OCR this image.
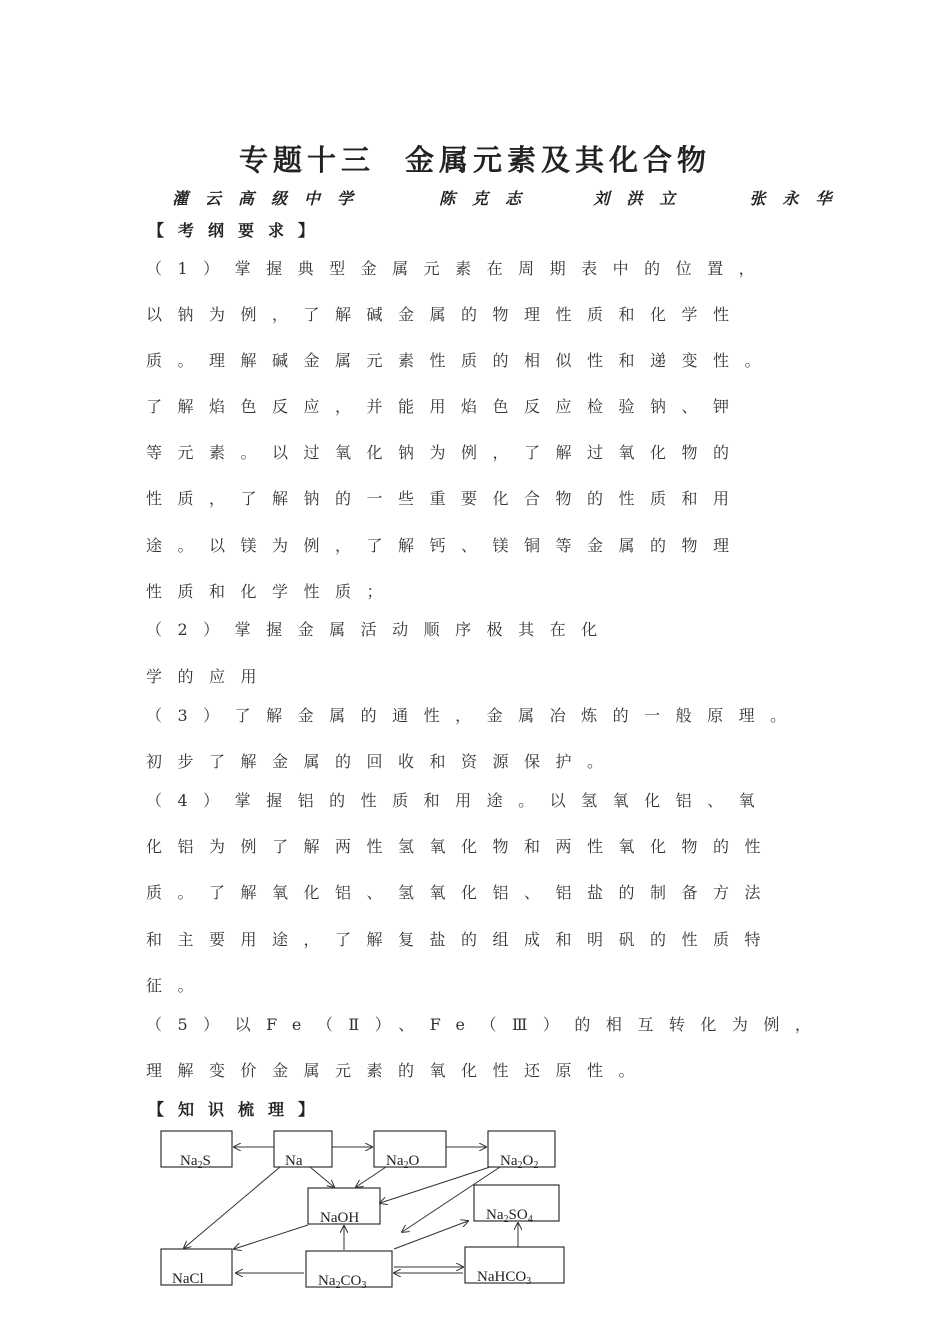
专题十三 金属元素及其化合物
灌云高级中学	陈克志	刘洪立	张永华
【考纲要求】
（1）掌握典型金属元素在周期表中的位置，
以钠为例，了解碱金属的物理性质和化学性
质。理解碱金属元素性质的相似性和递变性。
了解焰色反应，并能用焰色反应检验钠、钾
等元素。以过氧化钠为例，了解过氧化物的
性质，了解钠的一些重要化合物的性质和用
途。以镁为例，了解钙、镁铜等金属的物理
性质和化学性质；
（2）掌握金属活动顺序极其在化
学的应用
（3）了解金属的通性，金属冶炼的一般原理。
初步了解金属的回收和资源保护。
（4）掌握铝的性质和用途。以氢氧化铝、氧
化铝为例了解两性氢氧化物和两性氧化物的性
质。了解氧化铝、氢氧化铝、铝盐的制备方法
和主要用途，了解复盐的组成和明矾的性质特
征。
（5）以Fe（Ⅱ）、Fe（Ⅲ）的相互转化为例，
理解变价金属元素的氧化性还原性。
【知识梳理】
$Na_2S$	Na	$Na_2O$	$Na_2O_2$
NaOH	$Na_2SO_4$
NaCl	$Na_2CO_3$
NaHCO$_3$
